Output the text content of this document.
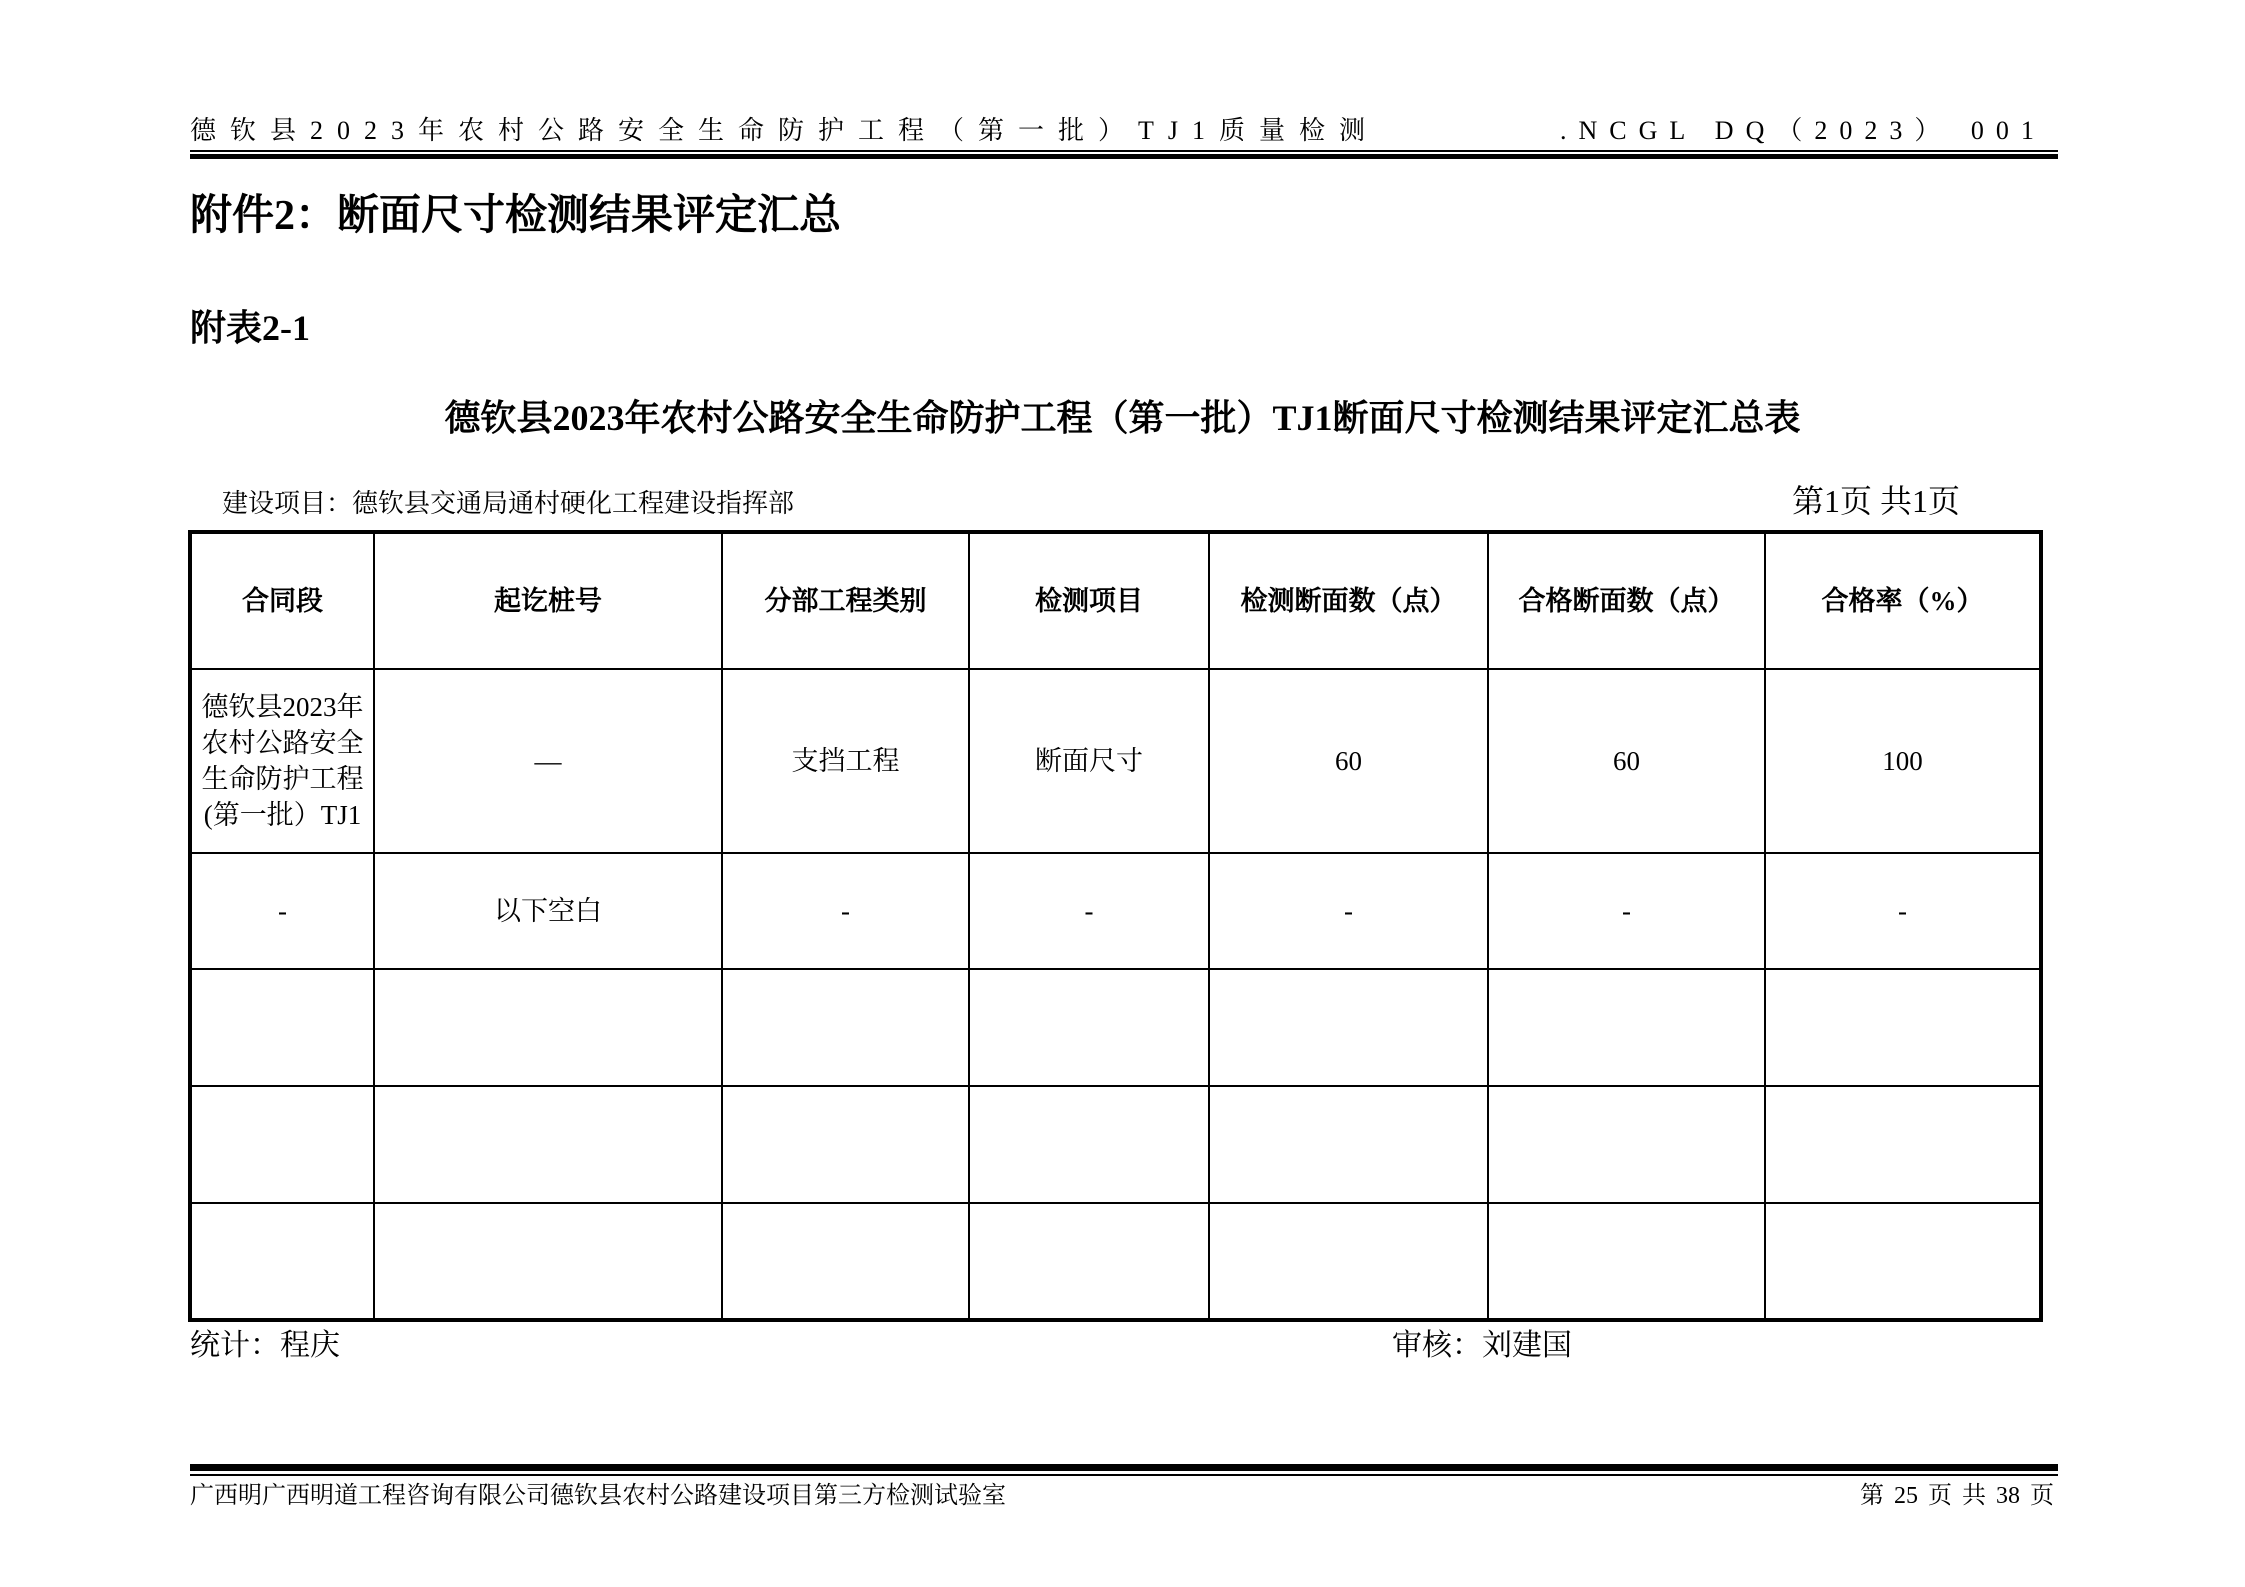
德钦县2023年农村公路安全生命防护工程（第一批）TJ1质量检测	.NCGL DQ（2023） 001
附件2：断面尺寸检测结果评定汇总
附表2-1
德钦县2023年农村公路安全生命防护工程（第一批）TJ1断面尺寸检测结果评定汇总表
建设项目：德钦县交通局通村硬化工程建设指挥部	第1页 共1页
合同段	起讫桩号	分部工程类别	检测项目	检测断面数（点）	合格断面数（点）	合格率（%）
德钦县2023年农村公路安全生命防护工程(第一批）TJ1	—	支挡工程	断面尺寸	60	60	100
-	以下空白	-	-	-	-	-

统计：程庆	审核：刘建国
广西明广西明道工程咨询有限公司德钦县农村公路建设项目第三方检测试验室	第 25 页 共 38 页
